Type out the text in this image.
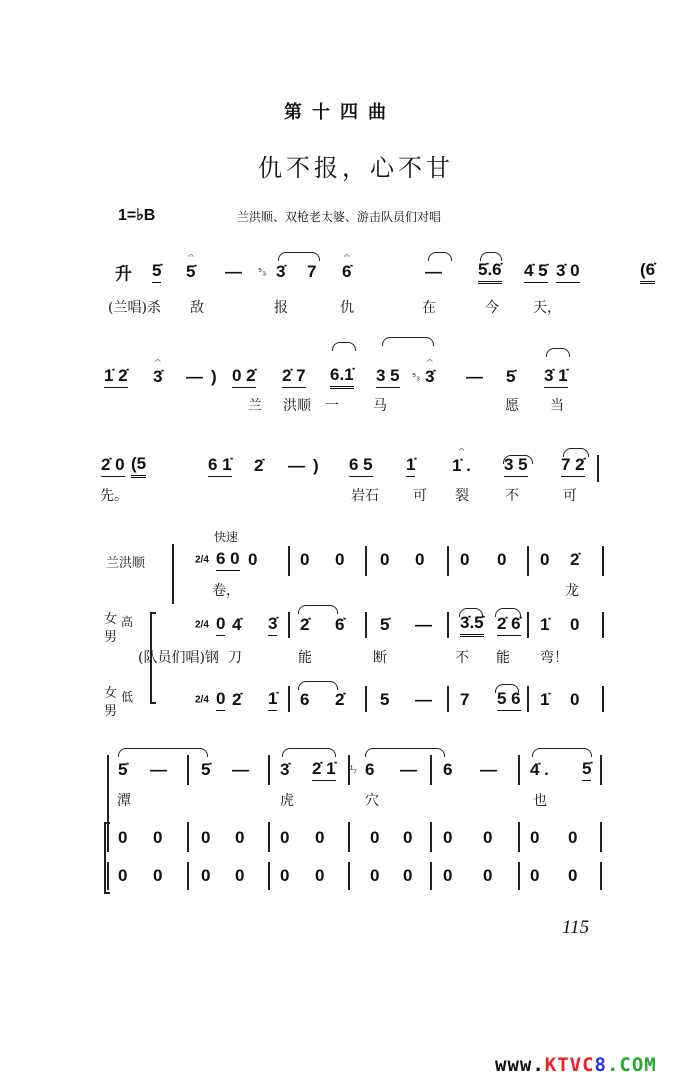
第十四曲
仇不报，心不甘
1=♭B	兰洪顺、双枪老太婆、游击队员们对唱
快速
兰洪顺
女
男
高
女
男
低
2/4
2/4
2/4
升 5̇ 5̇
𝄐
— ⁵₃ 3̇ 7 6̇
𝄐
— 5̇.6̇ 4̇ 5̇ 3̇ 0	(6̇
(兰唱)杀 敌	报	仇	在	今 天，
1̇ 2̇ 3̇
𝄐
— ) 0 2̇ 2̇ 7 6.1̇ 3 5 ⁵₃ 3̇
𝄐
— 5̇ 3̇ 1̇
兰 洪顺 一 马	愿 当
2̇ 0 (5	6 1̇ 2̇ — ) 6 5 1̇ 1̇ .
𝄐
3 5 7 2̇
先。	岩石 可 裂	不	可
6 0 0	0 0 0 0 0 0 0 2̇
卷，	龙
0 4̇ 3̇ 2̇ 6̇ 5̇ — 3̇.5̇ 2̇ 6̇ 1̇ 0
(队员们唱)钢 刀	能	断	不 能 弯！
0 2̇ 1̇ 6 2̇ 5 — 7 5 6 1̇ 0
5̇ — 5̇ — 3̇ 2̇ 1̇ ¹₇ 6 — 6 — 4̇ . 5̇
潭	虎	穴	也
0 0 0 0 0 0	0 0 0 0 0 0
0 0 0 0 0 0	0 0 0 0 0 0
115
www.KTVC8.COM
